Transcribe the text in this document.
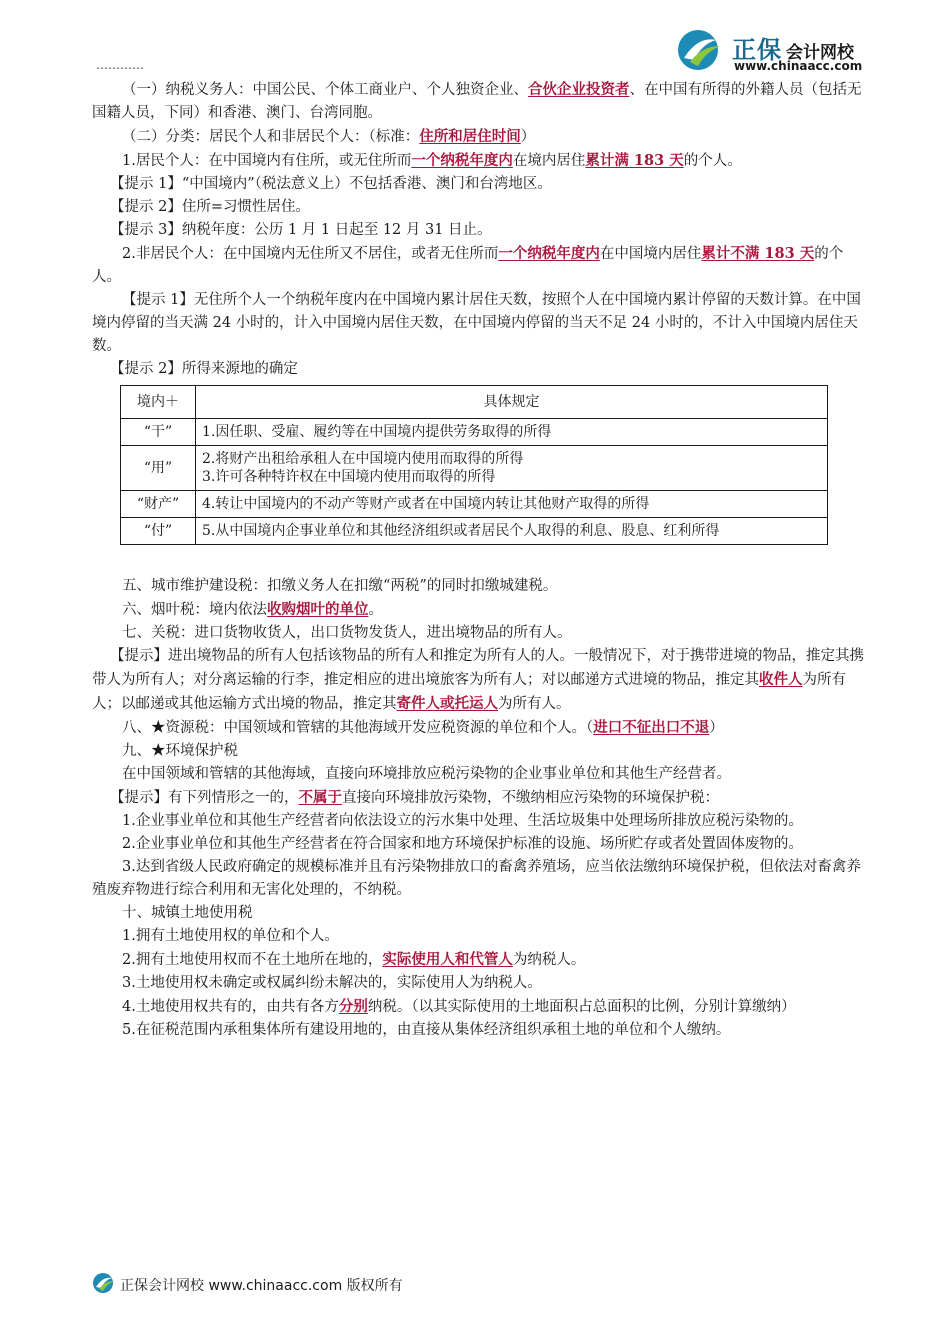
正保 会计网校
www.chinaacc.com
…………

（一）纳税义务人：中国公民、个体工商业户、个人独资企业、合伙企业投资者、在中国有所得的外籍人员（包括无国籍人员，下同）和香港、澳门、台湾同胞。

（二）分类：居民个人和非居民个人：（标准：住所和居住时间）

1.居民个人：在中国境内有住所，或无住所而一个纳税年度内在境内居住累计满 183 天的个人。

【提示 1】“中国境内”（税法意义上）不包括香港、澳门和台湾地区。

【提示 2】住所=习惯性居住。

【提示 3】纳税年度：公历 1 月 1 日起至 12 月 31 日止。

2.非居民个人：在中国境内无住所又不居住，或者无住所而一个纳税年度内在中国境内居住累计不满 183 天的个人。

【提示 1】无住所个人一个纳税年度内在中国境内累计居住天数，按照个人在中国境内累计停留的天数计算。在中国境内停留的当天满 24 小时的，计入中国境内居住天数，在中国境内停留的当天不足 24 小时的，不计入中国境内居住天数。

【提示 2】所得来源地的确定

境内＋	具体规定
“干”	1.因任职、受雇、履约等在中国境内提供劳务取得的所得
“用”	2.将财产出租给承租人在中国境内使用而取得的所得
3.许可各种特许权在中国境内使用而取得的所得

“财产”	4.转让中国境内的不动产等财产或者在中国境内转让其他财产取得的所得
“付”	5.从中国境内企事业单位和其他经济组织或者居民个人取得的利息、股息、红利所得

五、城市维护建设税：扣缴义务人在扣缴“两税”的同时扣缴城建税。

六、烟叶税：境内依法收购烟叶的单位。

七、关税：进口货物收货人，出口货物发货人，进出境物品的所有人。

【提示】进出境物品的所有人包括该物品的所有人和推定为所有人的人。一般情况下，对于携带进境的物品，推定其携带人为所有人；对分离运输的行李，推定相应的进出境旅客为所有人；对以邮递方式进境的物品，推定其收件人为所有人；以邮递或其他运输方式出境的物品，推定其寄件人或托运人为所有人。

八、★资源税：中国领域和管辖的其他海域开发应税资源的单位和个人。（进口不征出口不退）

九、★环境保护税

在中国领域和管辖的其他海域，直接向环境排放应税污染物的企业事业单位和其他生产经营者。

【提示】有下列情形之一的，不属于直接向环境排放污染物，不缴纳相应污染物的环境保护税：

1.企业事业单位和其他生产经营者向依法设立的污水集中处理、生活垃圾集中处理场所排放应税污染物的。

2.企业事业单位和其他生产经营者在符合国家和地方环境保护标准的设施、场所贮存或者处置固体废物的。

3.达到省级人民政府确定的规模标准并且有污染物排放口的畜禽养殖场，应当依法缴纳环境保护税，但依法对畜禽养殖废弃物进行综合利用和无害化处理的，不纳税。

十、城镇土地使用税

1.拥有土地使用权的单位和个人。

2.拥有土地使用权而不在土地所在地的，实际使用人和代管人为纳税人。

3.土地使用权未确定或权属纠纷未解决的，实际使用人为纳税人。

4.土地使用权共有的，由共有各方分别纳税。（以其实际使用的土地面积占总面积的比例，分别计算缴纳）

5.在征税范围内承租集体所有建设用地的，由直接从集体经济组织承租土地的单位和个人缴纳。

正保会计网校 www.chinaacc.com 版权所有
